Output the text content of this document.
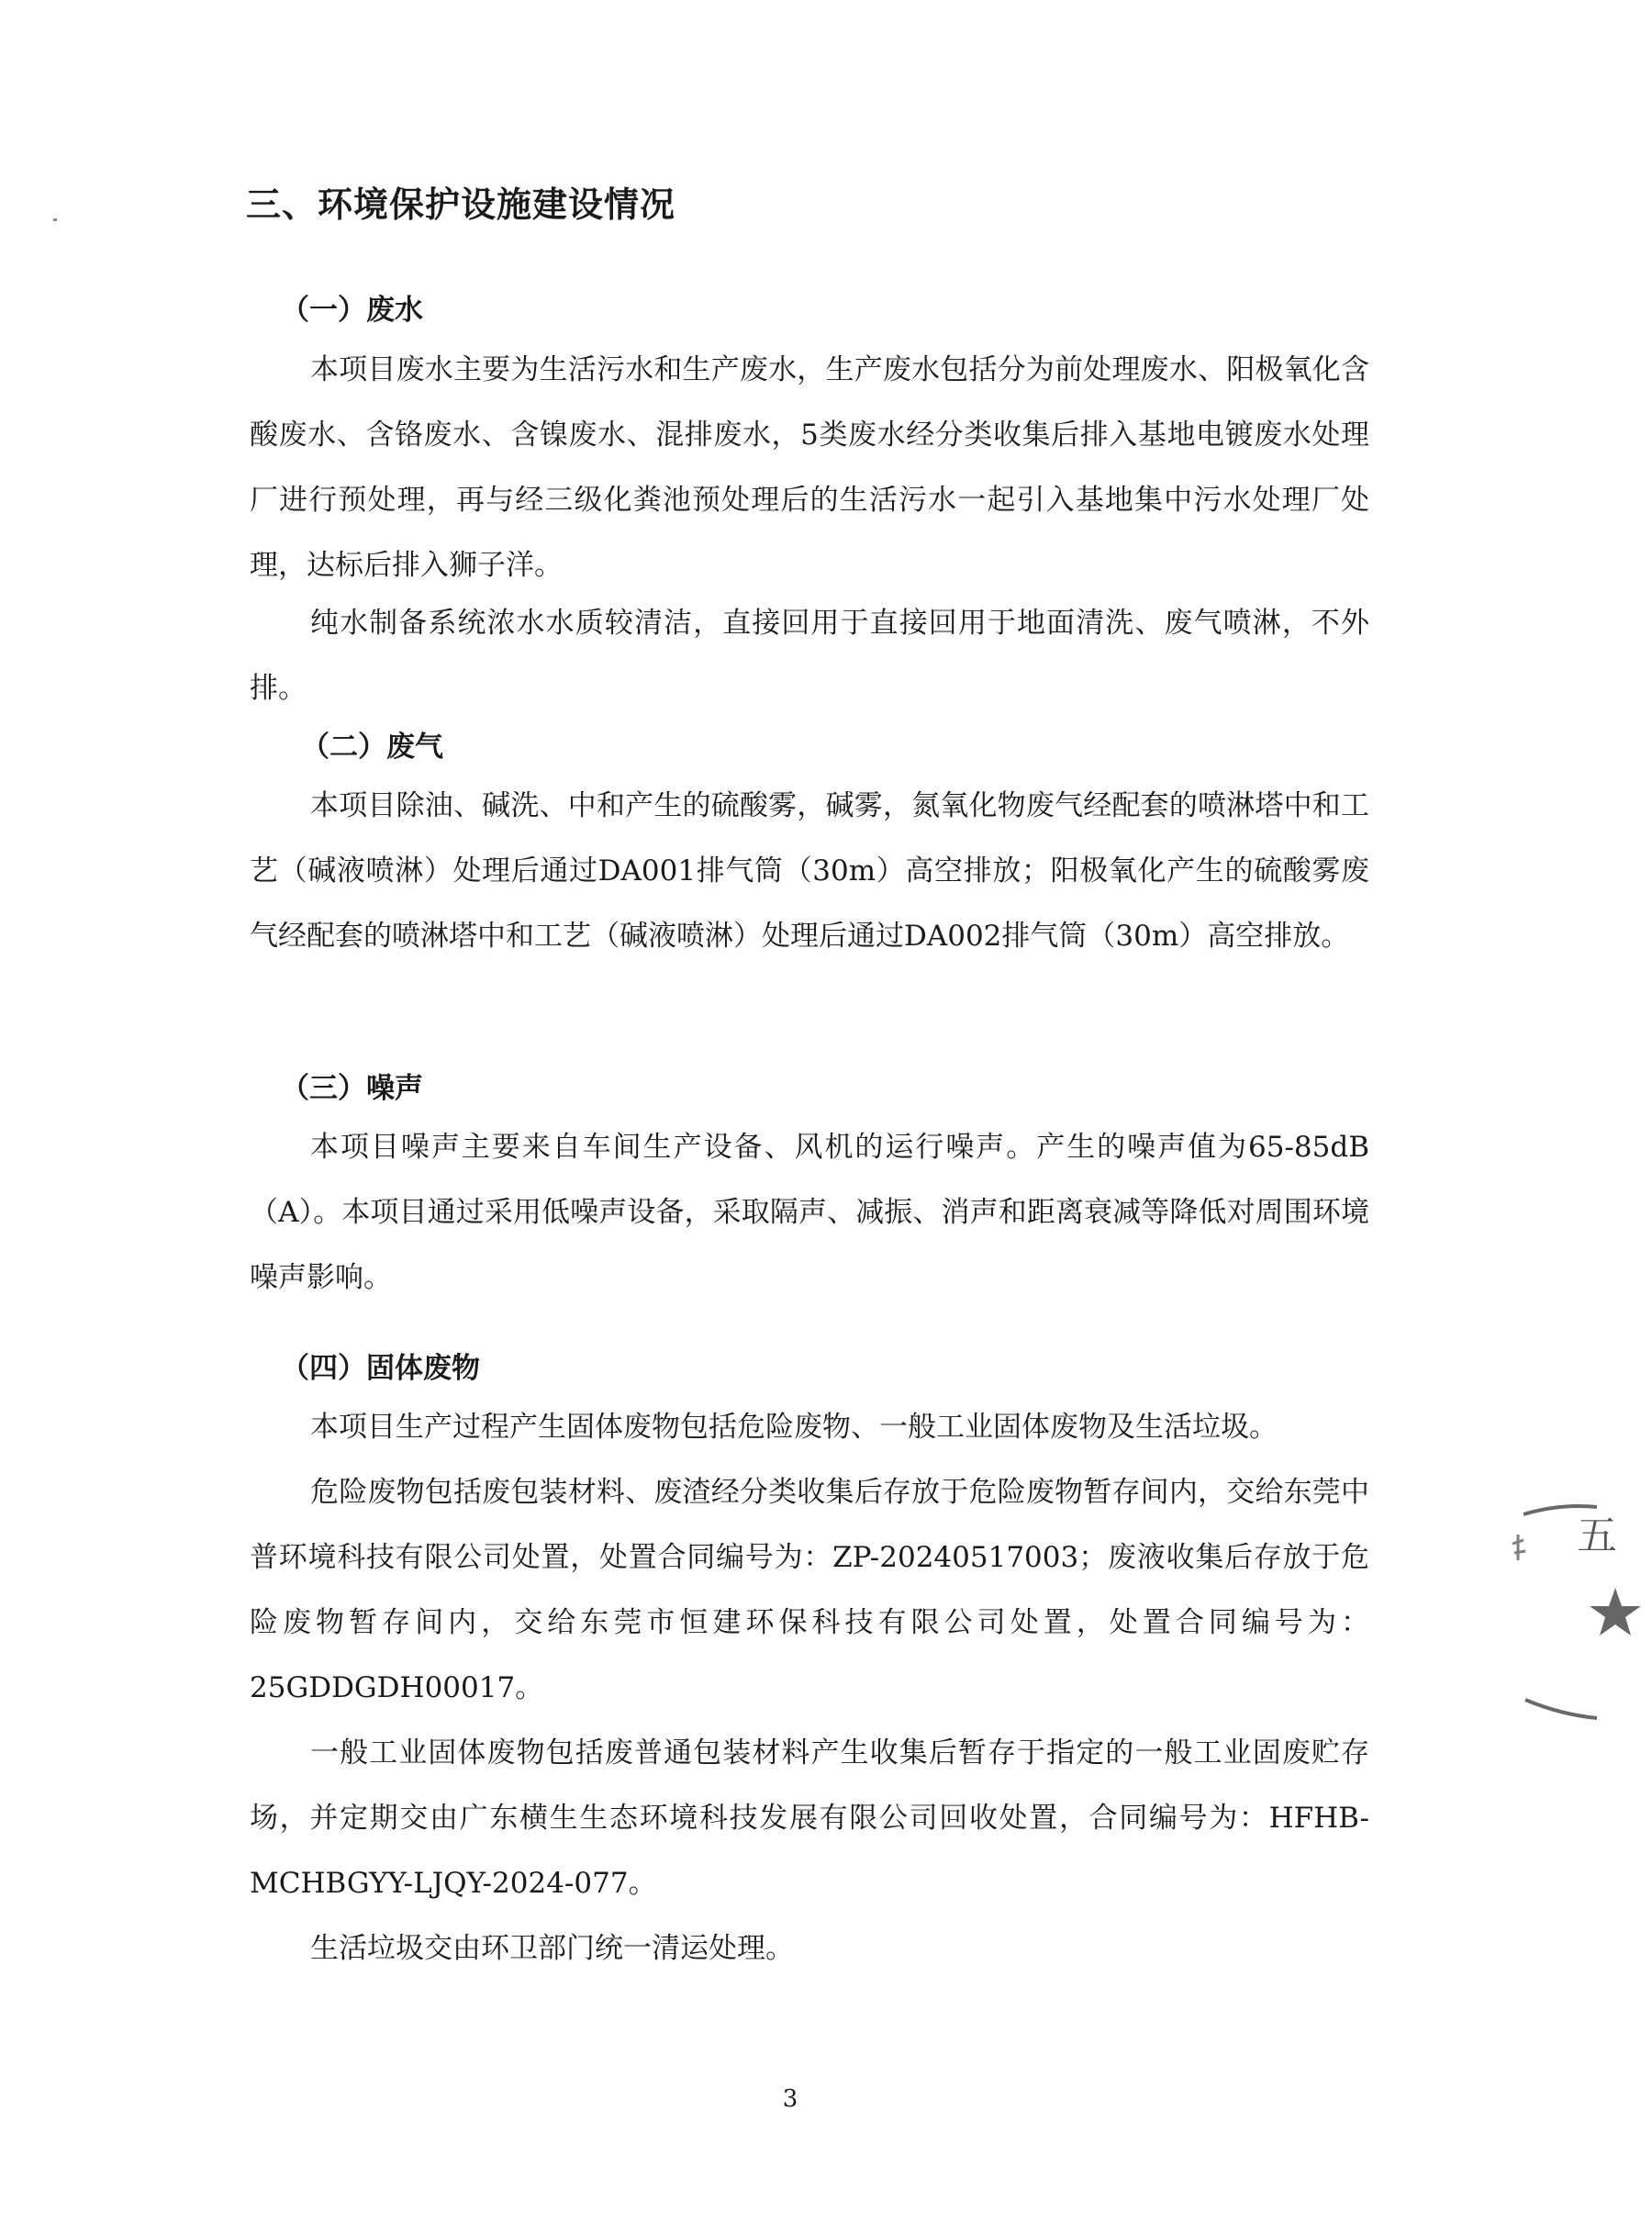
三、环境保护设施建设情况
（一）废水

本项目废水主要为生活污水和生产废水，生产废水包括分为前处理废水、阳极氧化含酸废水、含铬废水、含镍废水、混排废水，5类废水经分类收集后排入基地电镀废水处理厂进行预处理，再与经三级化粪池预处理后的生活污水一起引入基地集中污水处理厂处理，达标后排入狮子洋。

纯水制备系统浓水水质较清洁，直接回用于直接回用于地面清洗、废气喷淋，不外排。

（二）废气

本项目除油、碱洗、中和产生的硫酸雾，碱雾，氮氧化物废气经配套的喷淋塔中和工艺（碱液喷淋）处理后通过DA001排气筒（30m）高空排放；阳极氧化产生的硫酸雾废气经配套的喷淋塔中和工艺（碱液喷淋）处理后通过DA002排气筒（30m）高空排放。

（三）噪声

本项目噪声主要来自车间生产设备、风机的运行噪声。产生的噪声值为65-85dB（A）。本项目通过采用低噪声设备，采取隔声、减振、消声和距离衰减等降低对周围环境噪声影响。

（四）固体废物

本项目生产过程产生固体废物包括危险废物、一般工业固体废物及生活垃圾。

危险废物包括废包装材料、废渣经分类收集后存放于危险废物暂存间内，交给东莞中普环境科技有限公司处置，处置合同编号为：ZP-20240517003；废液收集后存放于危险废物暂存间内，交给东莞市恒建环保科技有限公司处置，处置合同编号为：25GDDGDH00017。

一般工业固体废物包括废普通包装材料产生收集后暂存于指定的一般工业固废贮存场，并定期交由广东横生生态环境科技发展有限公司回收处置，合同编号为：HFHB-MCHBGYY-LJQY-2024-077。

生活垃圾交由环卫部门统一清运处理。

3
五
